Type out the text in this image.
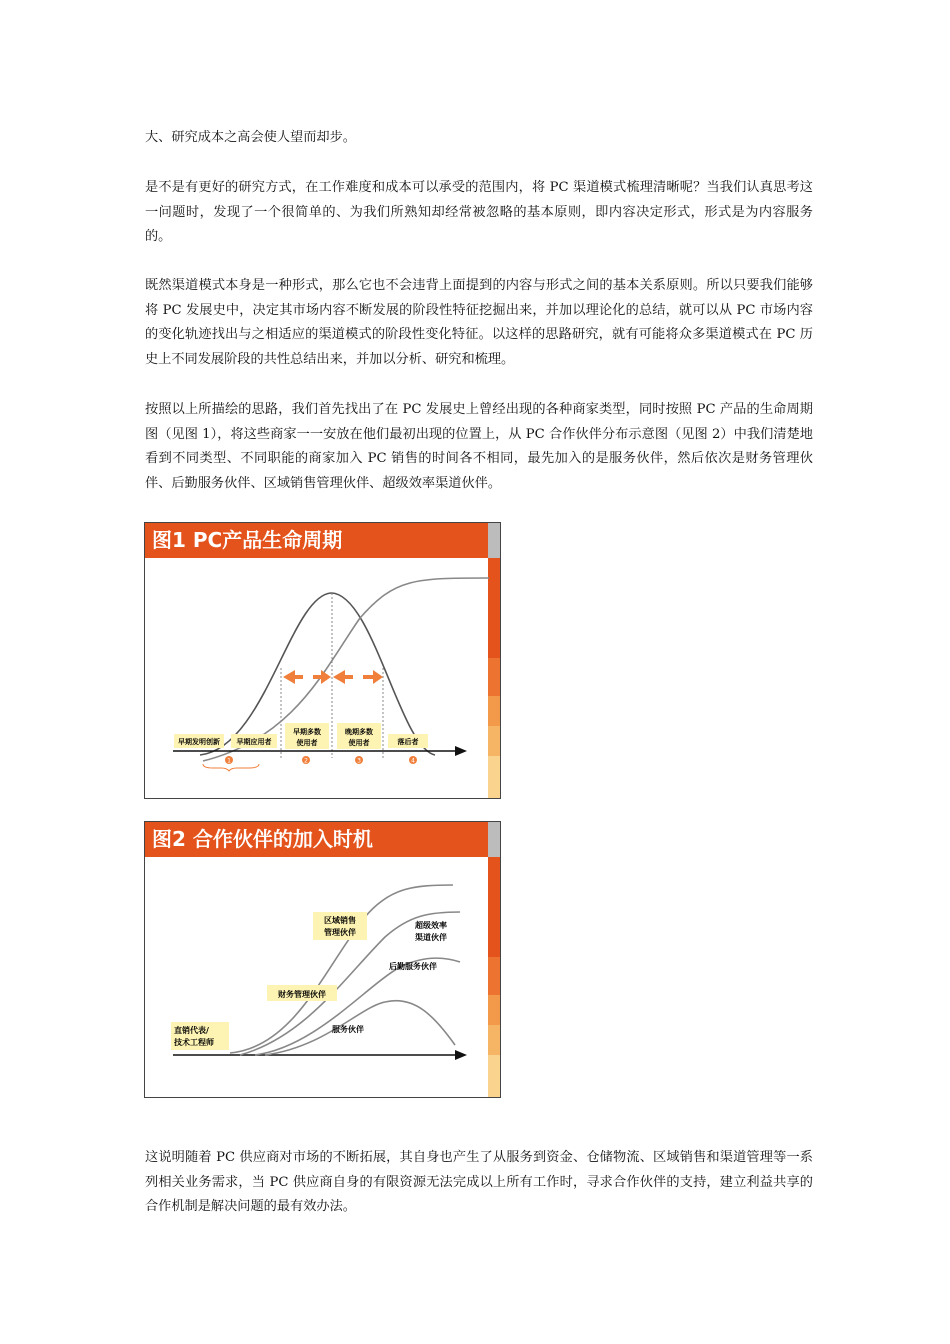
大、研究成本之高会使人望而却步。

是不是有更好的研究方式，在工作难度和成本可以承受的范围内，将 PC 渠道模式梳理清晰呢？当我们认真思考这一问题时，发现了一个很简单的、为我们所熟知却经常被忽略的基本原则，即内容决定形式，形式是为内容服务的。

既然渠道模式本身是一种形式，那么它也不会违背上面提到的内容与形式之间的基本关系原则。所以只要我们能够将 PC 发展史中，决定其市场内容不断发展的阶段性特征挖掘出来，并加以理论化的总结，就可以从 PC 市场内容的变化轨迹找出与之相适应的渠道模式的阶段性变化特征。以这样的思路研究，就有可能将众多渠道模式在 PC 历史上不同发展阶段的共性总结出来，并加以分析、研究和梳理。

按照以上所描绘的思路，我们首先找出了在 PC 发展史上曾经出现的各种商家类型，同时按照 PC 产品的生命周期图（见图 1），将这些商家一一安放在他们最初出现的位置上，从 PC 合作伙伴分布示意图（见图 2）中我们清楚地看到不同类型、不同职能的商家加入 PC 销售的时间各不相同，最先加入的是服务伙伴，然后依次是财务管理伙伴、后勤服务伙伴、区域销售管理伙伴、超级效率渠道伙伴。

图1 PC产品生命周期
早期发明创新 早期应用者
早期多数
使用者
晚期多数
使用者	落后者
1	2	3	4
图2 合作伙伴的加入时机
直销代表/
技术工程师
财务管理伙伴
区域销售
管理伙伴
超级效率
渠道伙伴
后勤服务伙伴
服务伙伴

这说明随着 PC 供应商对市场的不断拓展，其自身也产生了从服务到资金、仓储物流、区域销售和渠道管理等一系列相关业务需求，当 PC 供应商自身的有限资源无法完成以上所有工作时，寻求合作伙伴的支持，建立利益共享的合作机制是解决问题的最有效办法。
